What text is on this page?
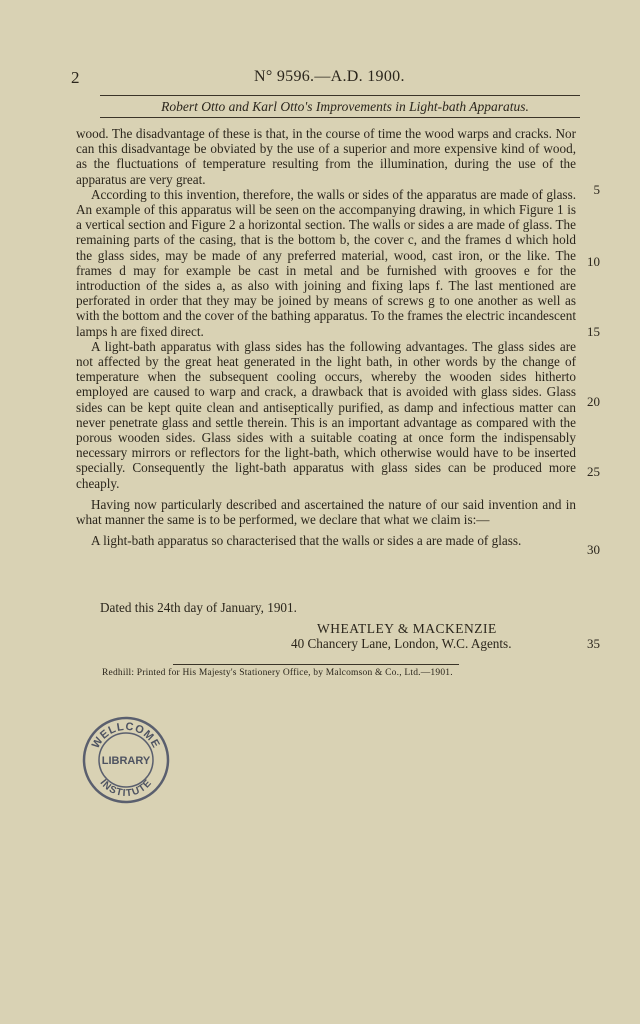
2	N° 9596.—A.D. 1900.
Robert Otto and Karl Otto's Improvements in Light-bath Apparatus.

wood. The disadvantage of these is that, in the course of time the wood warps and cracks. Nor can this disadvantage be obviated by the use of a superior and more expensive kind of wood, as the fluctuations of temperature resulting from the illumination, during the use of the apparatus are very great.

According to this invention, therefore, the walls or sides of the apparatus are made of glass. An example of this apparatus will be seen on the accompanying drawing, in which Figure 1 is a vertical section and Figure 2 a horizontal section. The walls or sides a are made of glass. The remaining parts of the casing, that is the bottom b, the cover c, and the frames d which hold the glass sides, may be made of any preferred material, wood, cast iron, or the like. The frames d may for example be cast in metal and be furnished with grooves e for the introduction of the sides a, as also with joining and fixing laps f. The last mentioned are perforated in order that they may be joined by means of screws g to one another as well as with the bottom and the cover of the bathing apparatus. To the frames the electric incandescent lamps h are fixed direct.

A light-bath apparatus with glass sides has the following advantages. The glass sides are not affected by the great heat generated in the light bath, in other words by the change of temperature when the subsequent cooling occurs, whereby the wooden sides hitherto employed are caused to warp and crack, a drawback that is avoided with glass sides. Glass sides can be kept quite clean and antiseptically purified, as damp and infectious matter can never penetrate glass and settle therein. This is an important advantage as compared with the porous wooden sides. Glass sides with a suitable coating at once form the indispensably necessary mirrors or reflectors for the light-bath, which otherwise would have to be inserted specially. Consequently the light-bath apparatus with glass sides can be produced more cheaply.

Having now particularly described and ascertained the nature of our said invention and in what manner the same is to be performed, we declare that what we claim is:—

A light-bath apparatus so characterised that the walls or sides a are made of glass.

5
10
15
20
25
30
35
Dated this 24th day of January, 1901.
WHEATLEY & MACKENZIE
40 Chancery Lane, London, W.C. Agents.
Redhill: Printed for His Majesty's Stationery Office, by Malcomson & Co., Ltd.—1901.
WELLCOME
LIBRARY
INSTITUTE
